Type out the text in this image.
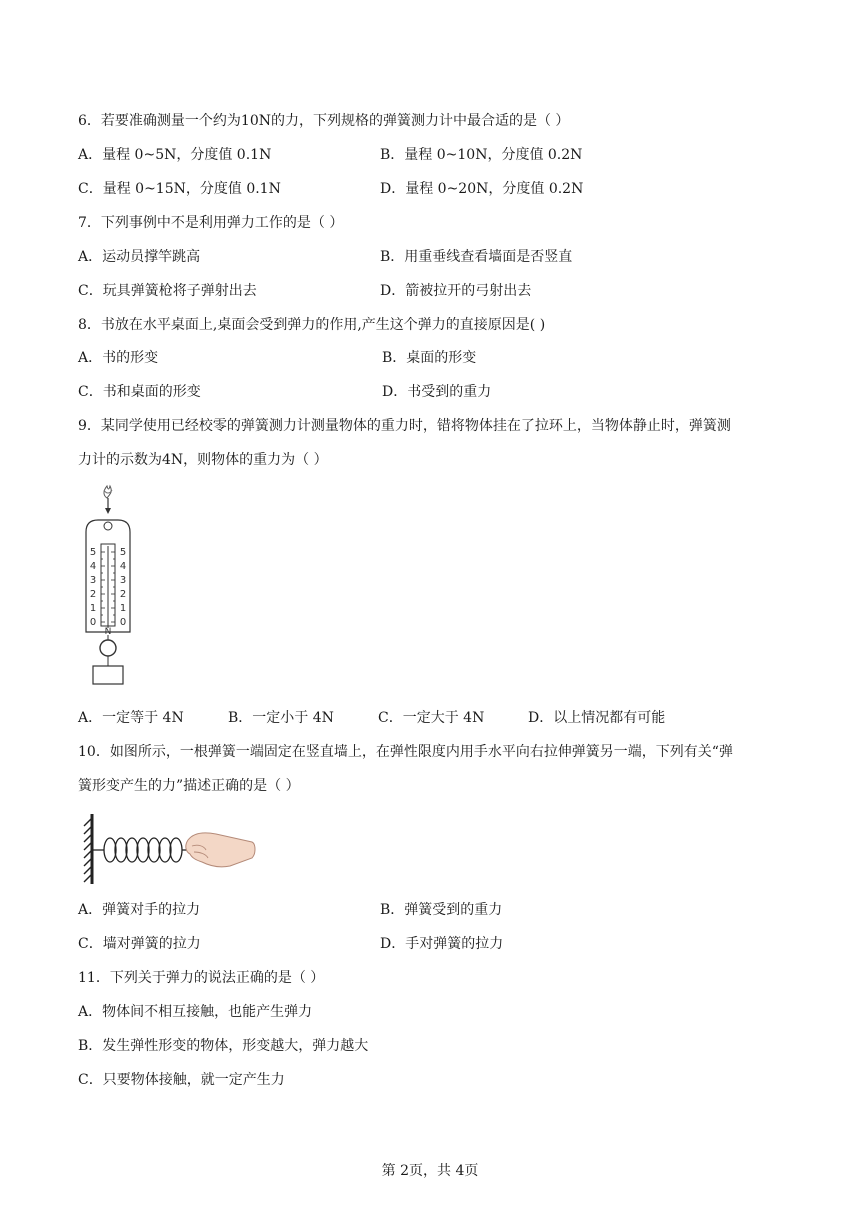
6．若要准确测量一个约为10N的力，下列规格的弹簧测力计中最合适的是（ ）
A．量程 0~5N，分度值 0.1N	B．量程 0~10N，分度值 0.2N
C．量程 0~15N，分度值 0.1N	D．量程 0~20N，分度值 0.2N
7．下列事例中不是利用弹力工作的是（ ）
A．运动员撑竿跳高	B．用重垂线查看墙面是否竖直
C．玩具弹簧枪将子弹射出去	D．箭被拉开的弓射出去
8．书放在水平桌面上,桌面会受到弹力的作用,产生这个弹力的直接原因是( )
A．书的形变	B．桌面的形变
C．书和桌面的形变	D．书受到的重力
9．某同学使用已经校零的弹簧测力计测量物体的重力时，错将物体挂在了拉环上，当物体静止时，弹簧测
力计的示数为4N，则物体的重力为（ ）
5
4
3
2
1
0
5
4
3
2
1
0
N
A．一定等于 4N	B．一定小于 4N	C．一定大于 4N	D．以上情况都有可能
10．如图所示，一根弹簧一端固定在竖直墙上，在弹性限度内用手水平向右拉伸弹簧另一端，下列有关“弹
簧形变产生的力”描述正确的是（ ）
A．弹簧对手的拉力	B．弹簧受到的重力
C．墙对弹簧的拉力	D．手对弹簧的拉力
11．下列关于弹力的说法正确的是（ ）
A．物体间不相互接触，也能产生弹力
B．发生弹性形变的物体，形变越大，弹力越大
C．只要物体接触，就一定产生力
第 2页，共 4页
